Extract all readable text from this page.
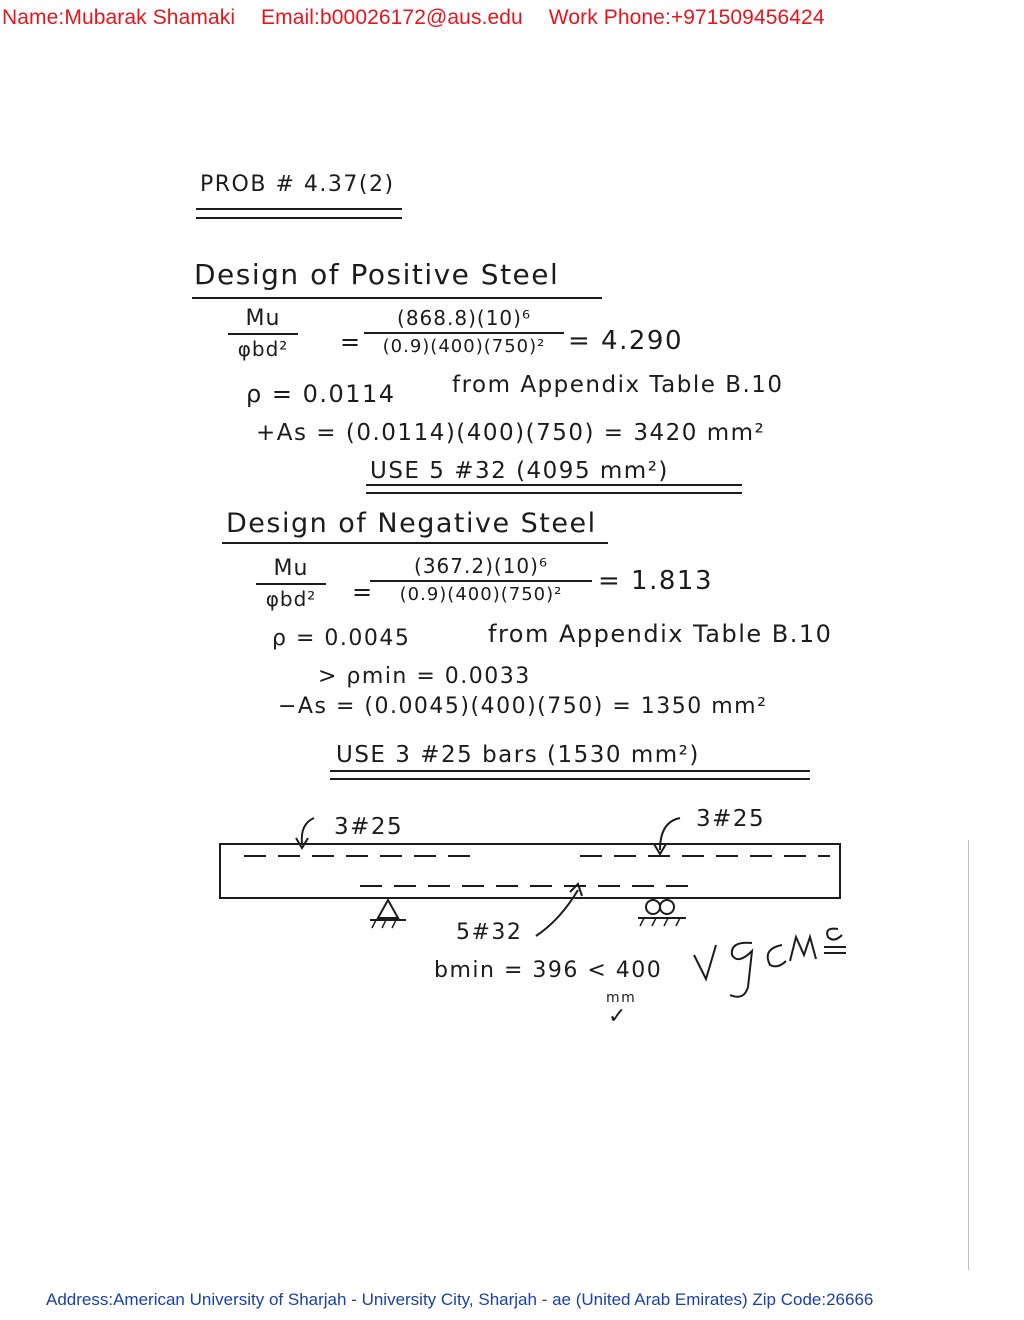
Name:Mubarak Shamaki Email:b00026172@aus.edu Work Phone:+971509456424
PROB # 4.37(2)
Design of Positive Steel
Mu
φbd²	=
(868.8)(10)⁶
(0.9)(400)(750)² = 4.290
ρ = 0.0114 from Appendix Table B.10
+As = (0.0114)(400)(750) = 3420 mm²
USE 5 #32 (4095 mm²)
Design of Negative Steel
Mu
φbd²	=
(367.2)(10)⁶
(0.9)(400)(750)²	= 1.813
ρ = 0.0045	from Appendix Table B.10
> ρmin = 0.0033
−As = (0.0045)(400)(750) = 1350 mm²
USE 3 #25 bars (1530 mm²)
3#25	3#25
5#32
bmin = 396 < 400
mm
✓
Address:American University of Sharjah - University City, Sharjah - ae (United Arab Emirates) Zip Code:26666
